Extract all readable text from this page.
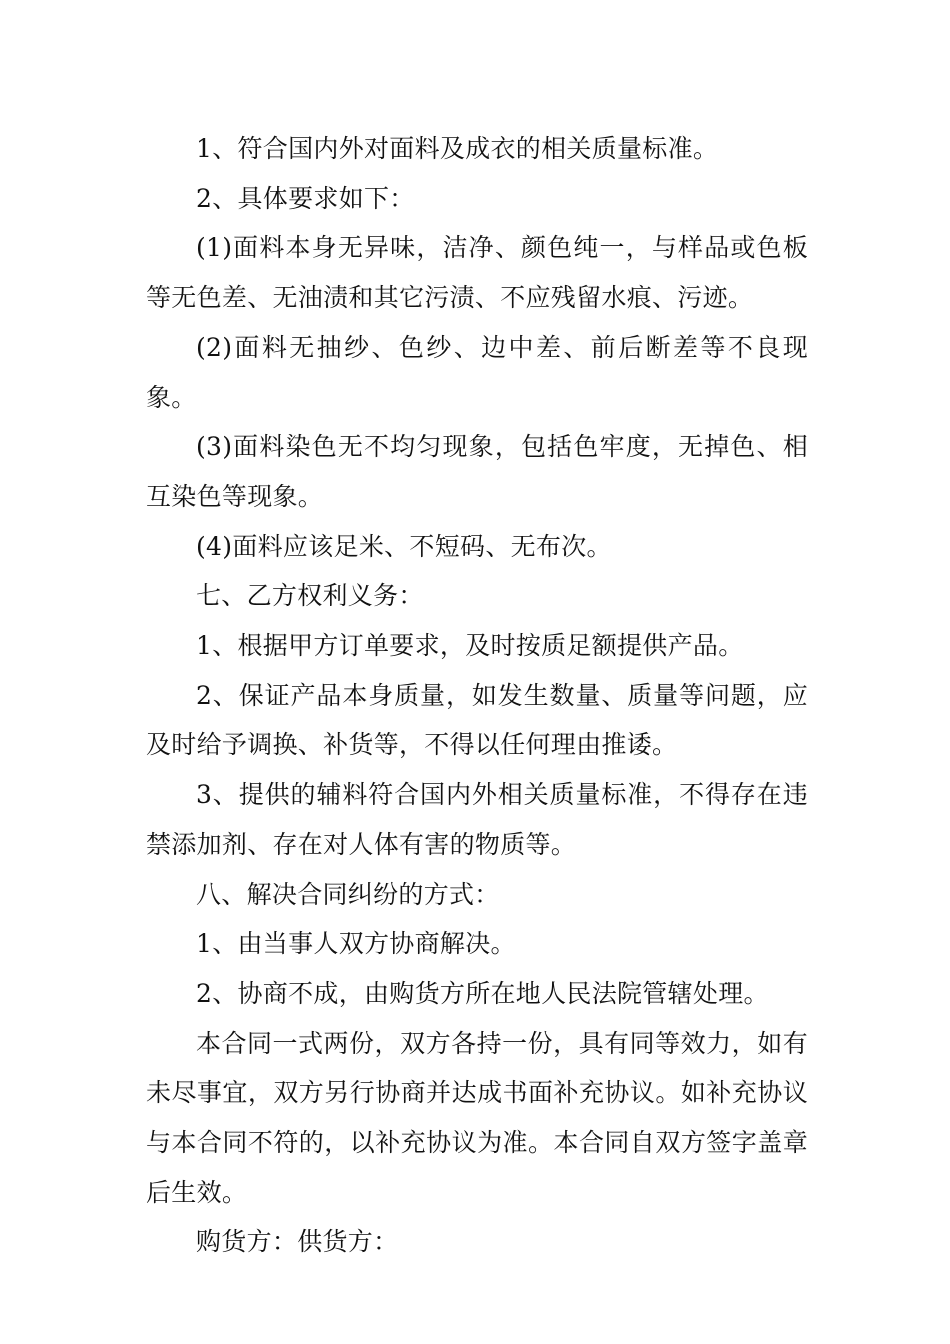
1、符合国内外对面料及成衣的相关质量标准。

2、具体要求如下：

(1)面料本身无异味，洁净、颜色纯一，与样品或色板等无色差、无油渍和其它污渍、不应残留水痕、污迹。

(2)面料无抽纱、色纱、边中差、前后断差等不良现象。

(3)面料染色无不均匀现象，包括色牢度，无掉色、相互染色等现象。

(4)面料应该足米、不短码、无布次。

七、乙方权利义务：

1、根据甲方订单要求，及时按质足额提供产品。

2、保证产品本身质量，如发生数量、质量等问题，应及时给予调换、补货等，不得以任何理由推诿。

3、提供的辅料符合国内外相关质量标准，不得存在违禁添加剂、存在对人体有害的物质等。

八、解决合同纠纷的方式：

1、由当事人双方协商解决。

2、协商不成，由购货方所在地人民法院管辖处理。

本合同一式两份，双方各持一份，具有同等效力，如有未尽事宜，双方另行协商并达成书面补充协议。如补充协议与本合同不符的，以补充协议为准。本合同自双方签字盖章后生效。

购货方：供货方：
